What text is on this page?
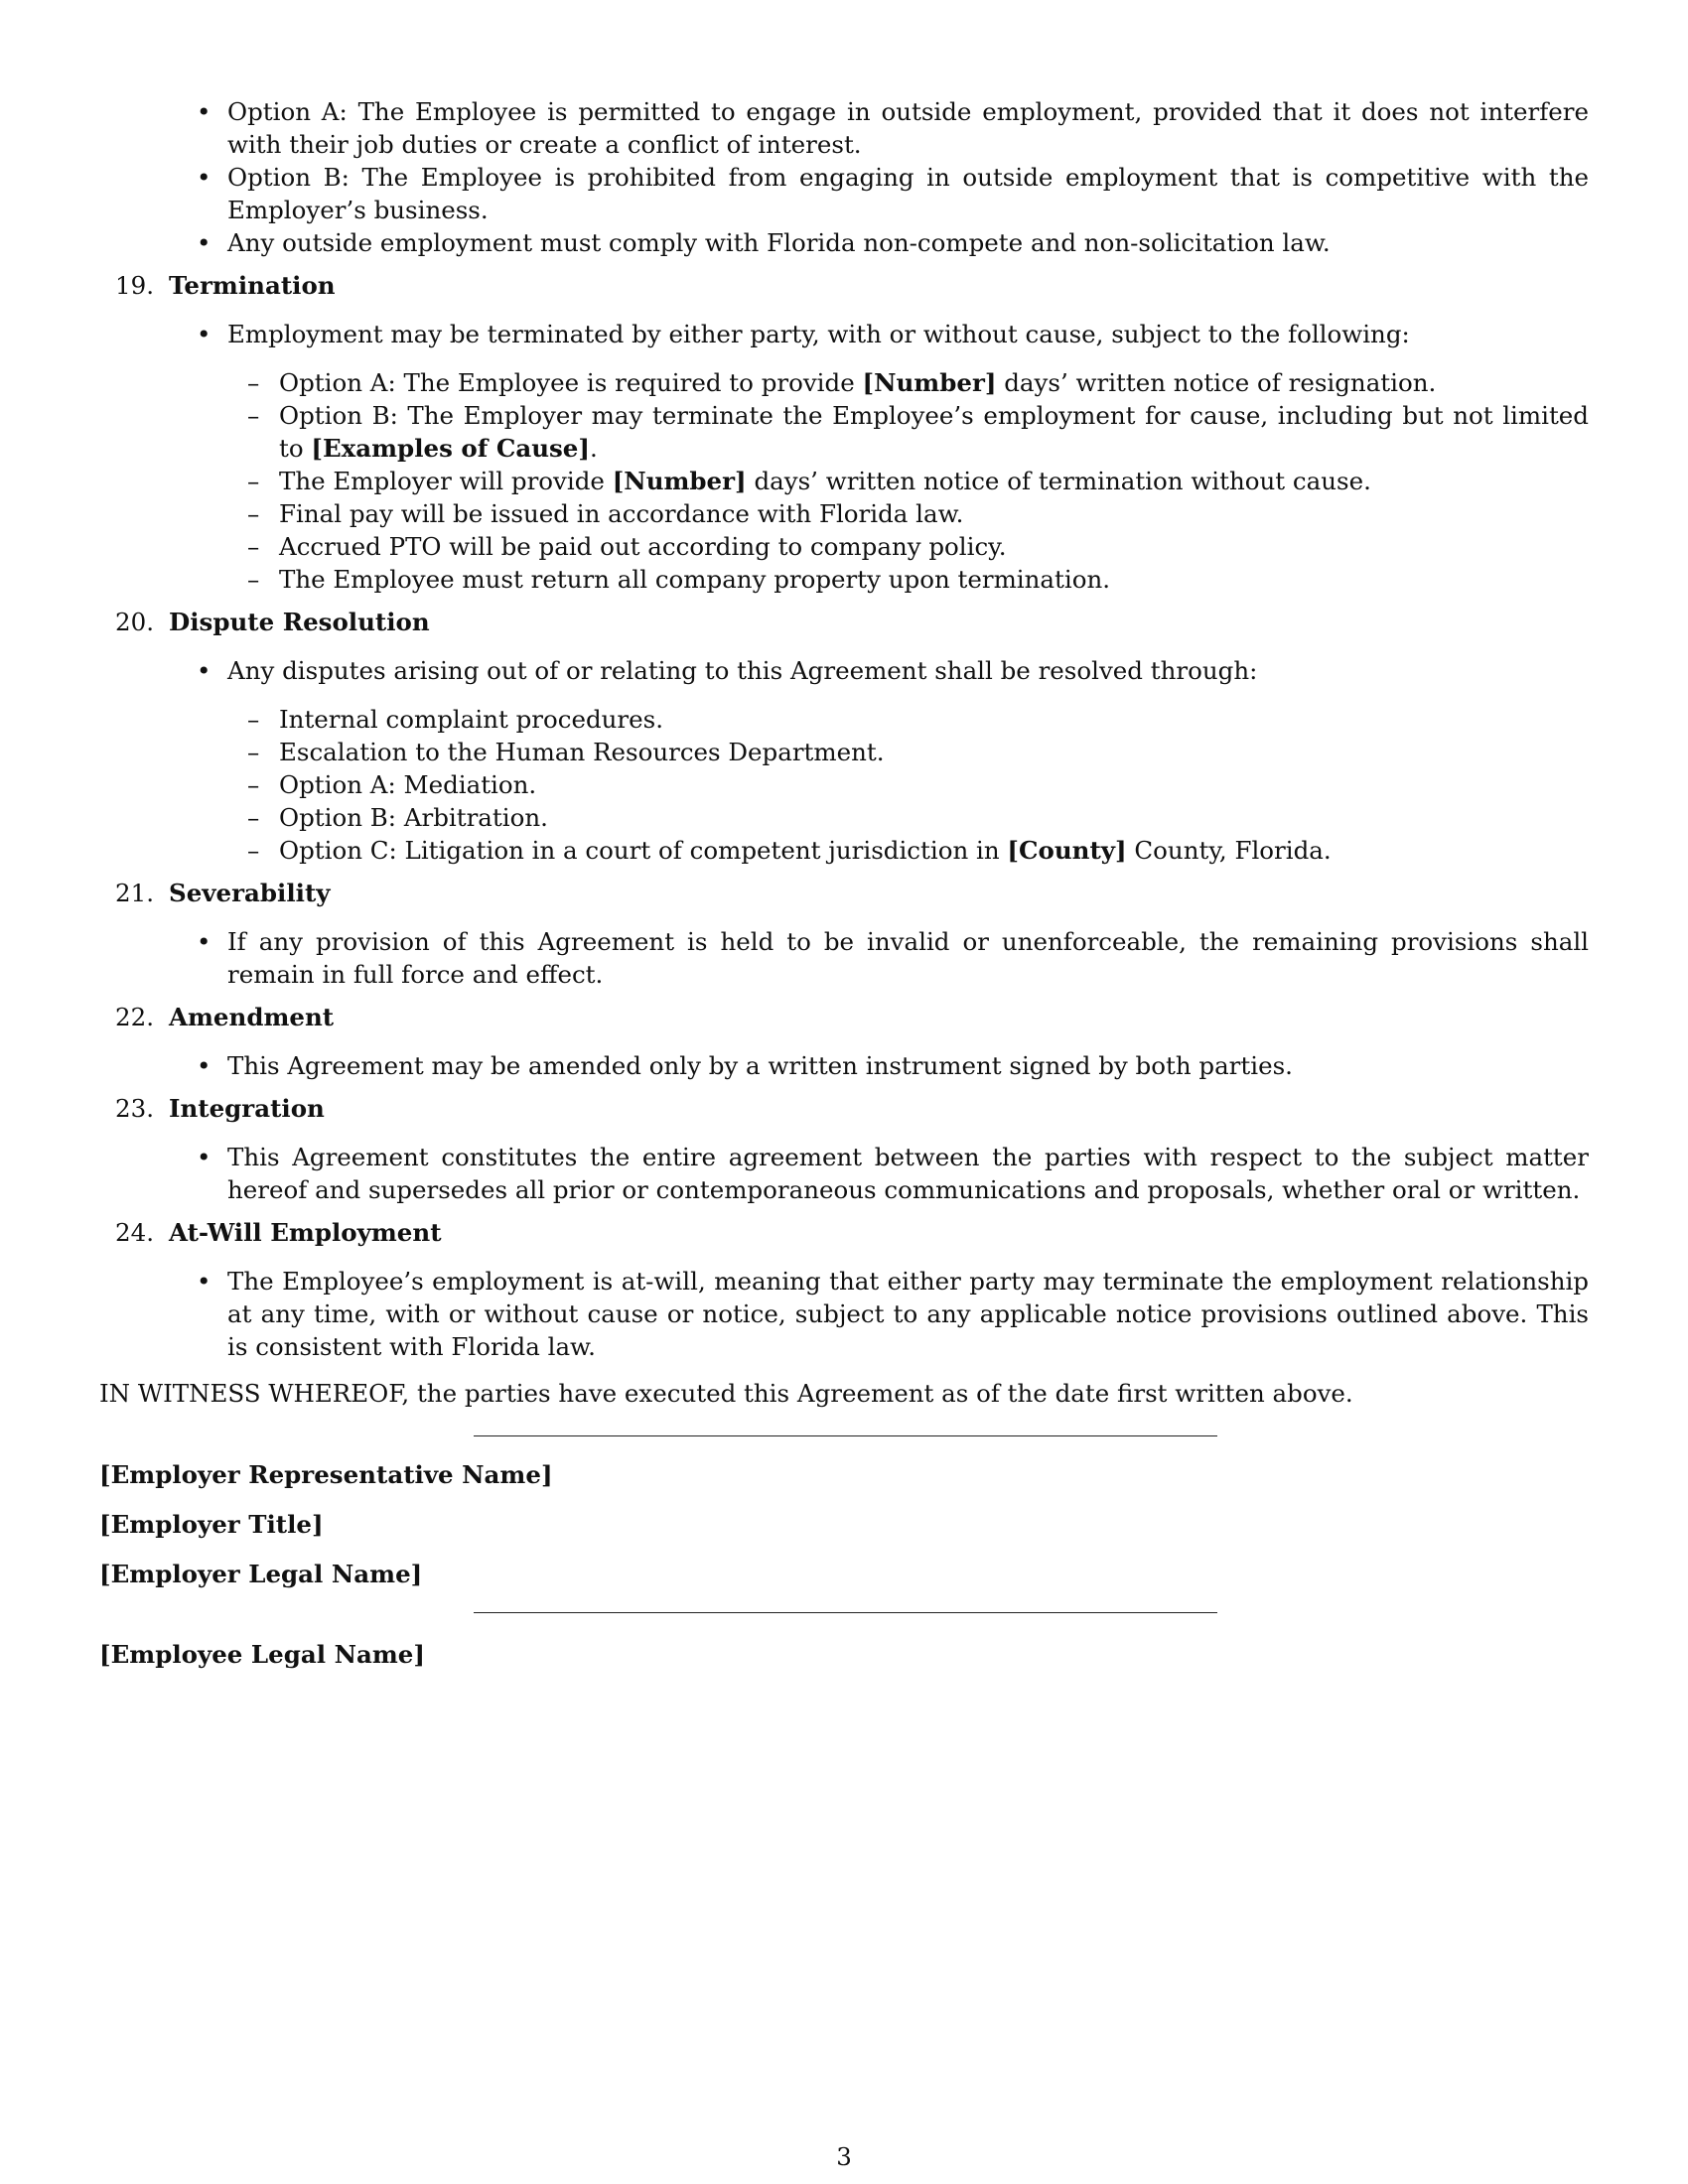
• Option A: The Employee is permitted to engage in outside employment, provided that it does not interfere with their job duties or create a conflict of interest.
• Option B: The Employee is prohibited from engaging in outside employment that is competitive with the Employer’s business.
• Any outside employment must comply with Florida non-compete and non-solicitation law.
19. Termination
• Employment may be terminated by either party, with or without cause, subject to the following:
– Option A: The Employee is required to provide [Number] days’ written notice of resignation.
– Option B: The Employer may terminate the Employee’s employment for cause, including but not limited to [Examples of Cause].
– The Employer will provide [Number] days’ written notice of termination without cause.
– Final pay will be issued in accordance with Florida law.
– Accrued PTO will be paid out according to company policy.
– The Employee must return all company property upon termination.
20. Dispute Resolution
• Any disputes arising out of or relating to this Agreement shall be resolved through:
– Internal complaint procedures.
– Escalation to the Human Resources Department.
– Option A: Mediation.
– Option B: Arbitration.
– Option C: Litigation in a court of competent jurisdiction in [County] County, Florida.
21. Severability
• If any provision of this Agreement is held to be invalid or unenforceable, the remaining provisions shall remain in full force and effect.
22. Amendment
• This Agreement may be amended only by a written instrument signed by both parties.
23. Integration
• This Agreement constitutes the entire agreement between the parties with respect to the subject matter hereof and supersedes all prior or contemporaneous communications and proposals, whether oral or written.
24. At-Will Employment
• The Employee’s employment is at-will, meaning that either party may terminate the employment relationship at any time, with or without cause or notice, subject to any applicable notice provisions outlined above. This is consistent with Florida law.

IN WITNESS WHEREOF, the parties have executed this Agreement as of the date first written above.

[Employer Representative Name]
[Employer Title]
[Employer Legal Name]
[Employee Legal Name]
3
